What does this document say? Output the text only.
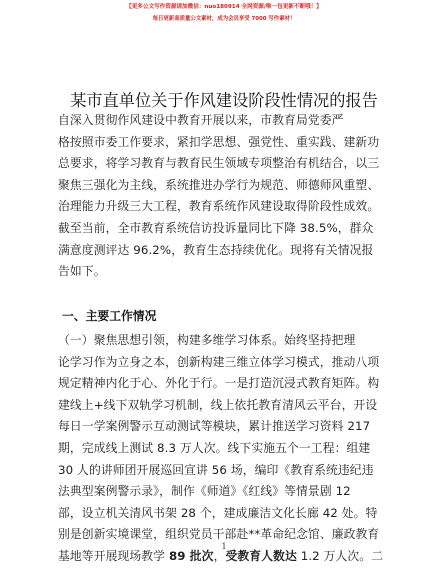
【更多公文写作资源请加微信：nuo180914 全网资源/唯一包更新不断哦！】
每日更新高质量公文素材，成为会员享受 7000 写作素材！
某市直单位关于作风建设阶段性情况的报告
自深入贯彻作风建设中教育开展以来，市教育局党委严
格按照市委工作要求，紧扣学思想、强党性、重实践、建新功
总要求，将学习教育与教育民生领域专项整治有机结合，以三
聚焦三强化为主线，系统推进办学行为规范、师德师风重塑、
治理能力升级三大工程，教育系统作风建设取得阶段性成效。
截至当前，全市教育系统信访投诉量同比下降 38.5%，群众
满意度测评达 96.2%，教育生态持续优化。现将有关情况报
告如下。
一、主要工作情况
（一）聚焦思想引领，构建多维学习体系。始终坚持把理
论学习作为立身之本，创新构建三维立体学习模式，推动八项
规定精神内化于心、外化于行。一是打造沉浸式教育矩阵。构
建线上+线下双轨学习机制，线上依托教育清风云平台，开设
每日一学案例警示互动测试等模块，累计推送学习资料 217
期，完成线上测试 8.3 万人次。线下实施五个一工程：组建
30 人的讲师团开展巡回宣讲 56 场，编印《教育系统违纪违
法典型案例警示录》，制作《师道》《红线》等情景剧 12
部，设立机关清风书架 28 个，建成廉洁文化长廊 42 处。特
别是创新实境课堂，组织党员干部赴**革命纪念馆、廉政教育
基地等开展现场教学 89 批次，受教育人数达 1.2 万人次。二
1
